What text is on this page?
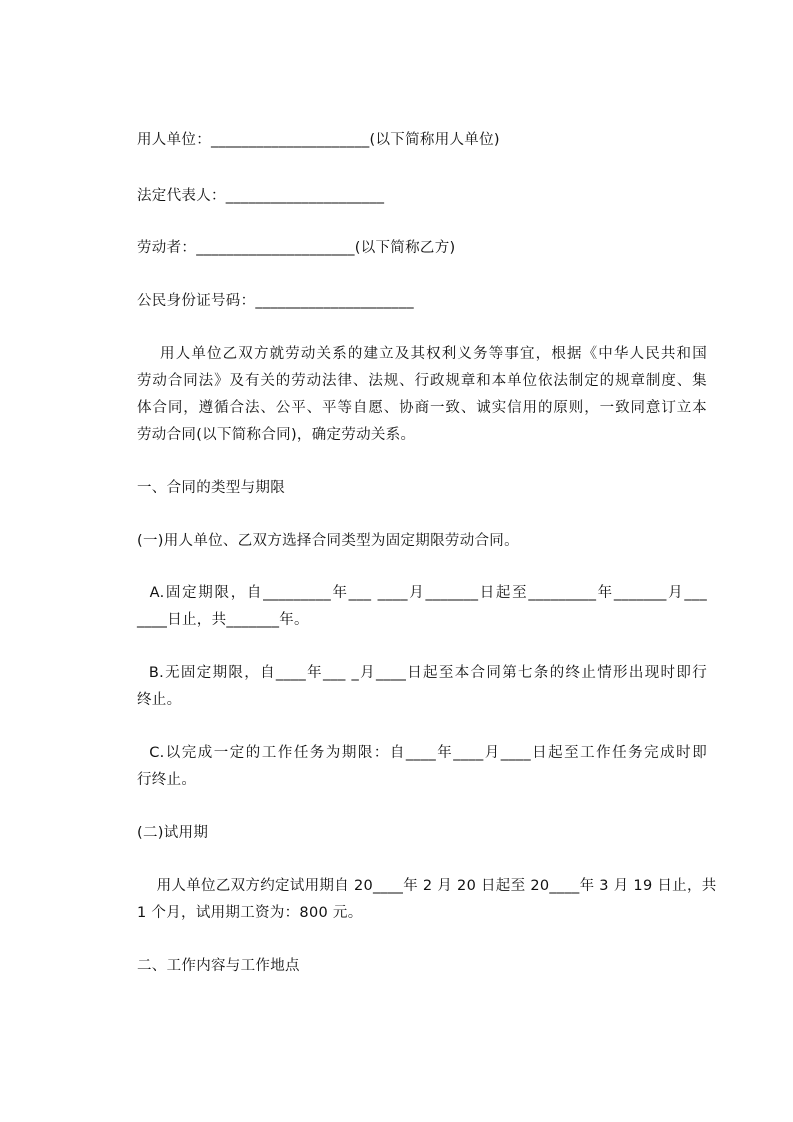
用人单位：_____________________(以下简称用人单位)
法定代表人：_____________________
劳动者：_____________________(以下简称乙方)
公民身份证号码：_____________________
用人单位乙双方就劳动关系的建立及其权利义务等事宜，根据《中华人民共和国
劳动合同法》及有关的劳动法律、法规、行政规章和本单位依法制定的规章制度、集
体合同，遵循合法、公平、平等自愿、协商一致、诚实信用的原则，一致同意订立本
劳动合同(以下简称合同)，确定劳动关系。
一、合同的类型与期限
(一)用人单位、乙双方选择合同类型为固定期限劳动合同。
A.固定期限，自_________年___ ____月_______日起至_________年_______月___
____日止，共_______年。
B.无固定期限，自____年___ _月____日起至本合同第七条的终止情形出现时即行
终止。
C.以完成一定的工作任务为期限：自____年____月____日起至工作任务完成时即
行终止。
(二)试用期
用人单位乙双方约定试用期自 20____年 2 月 20 日起至 20____年 3 月 19 日止，共
1 个月，试用期工资为：800 元。
二、工作内容与工作地点
